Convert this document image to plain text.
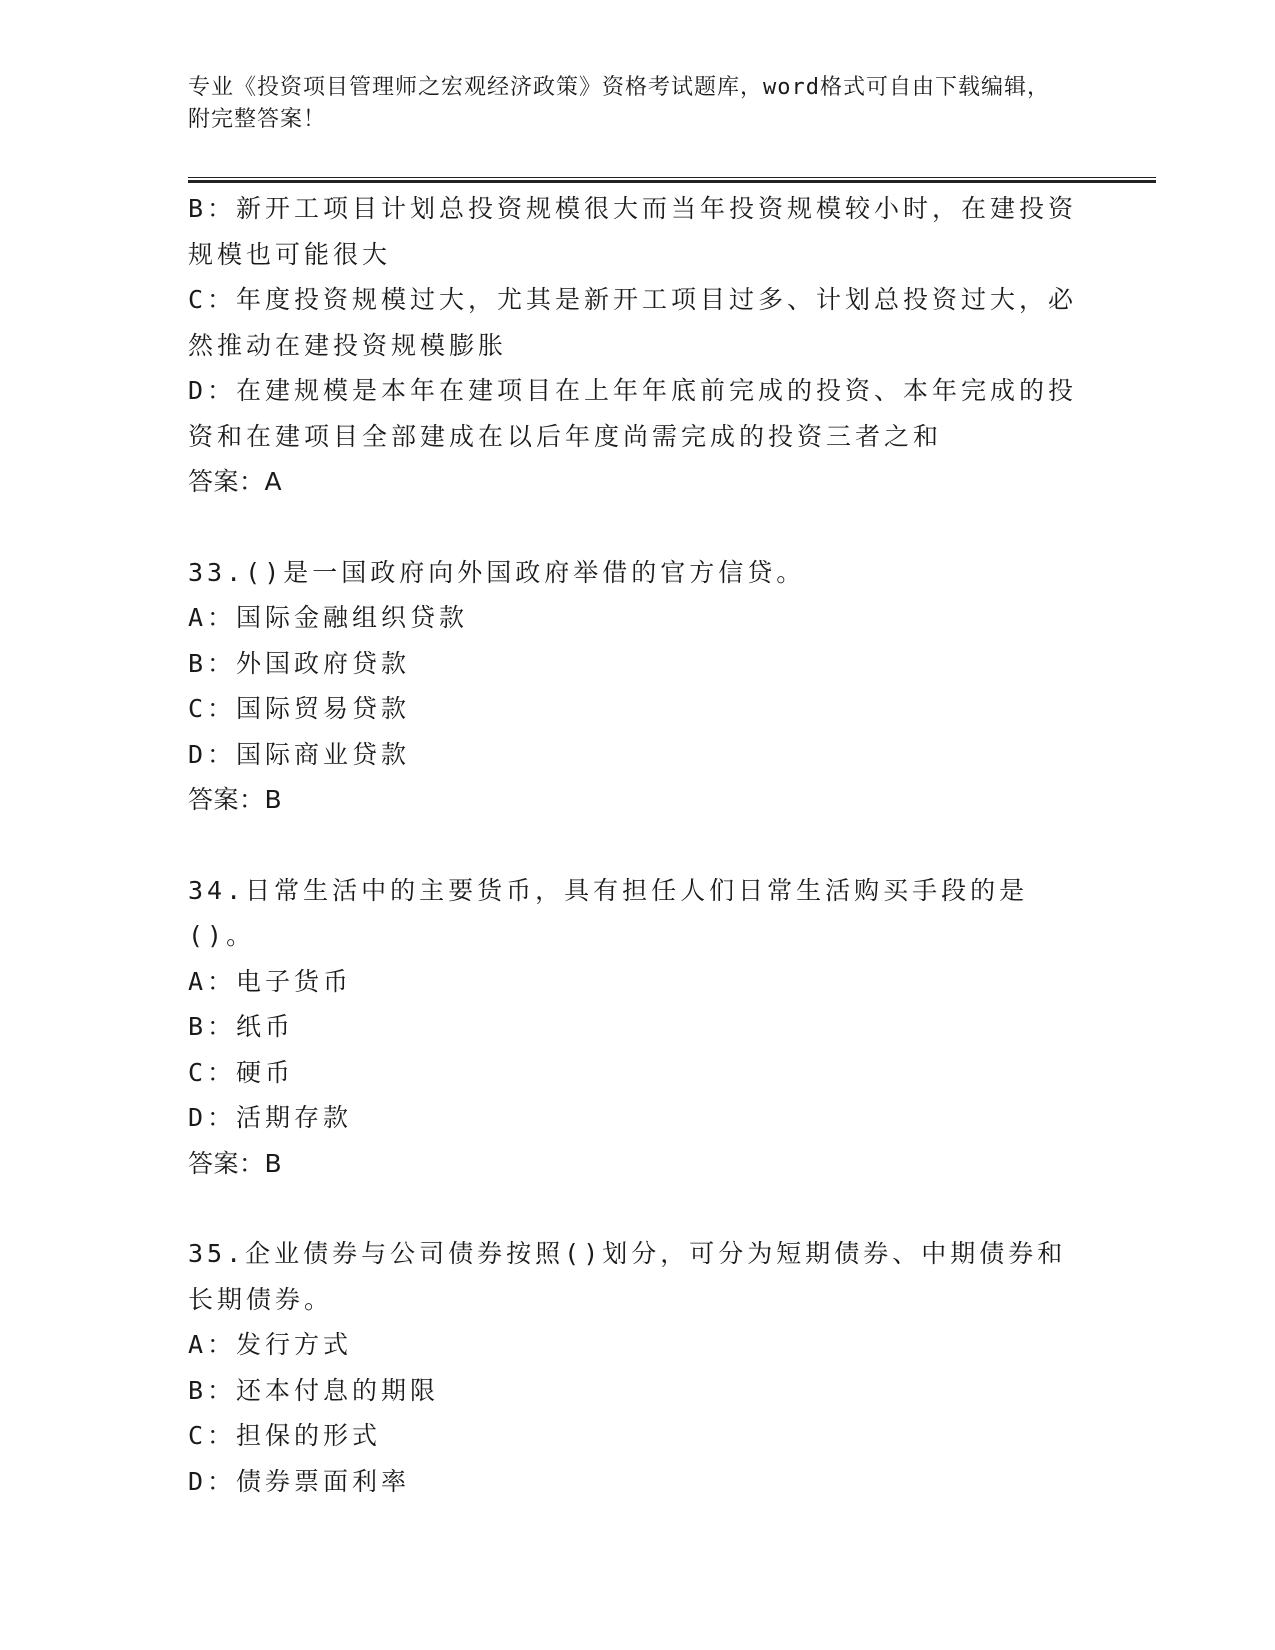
专业《投资项目管理师之宏观经济政策》资格考试题库，word格式可自由下载编辑，附完整答案！
B：新开工项目计划总投资规模很大而当年投资规模较小时，在建投资规模也可能很大
C：年度投资规模过大，尤其是新开工项目过多、计划总投资过大，必然推动在建投资规模膨胀
D：在建规模是本年在建项目在上年年底前完成的投资、本年完成的投资和在建项目全部建成在以后年度尚需完成的投资三者之和
答案：A
33.()是一国政府向外国政府举借的官方信贷。
A：国际金融组织贷款
B：外国政府贷款
C：国际贸易贷款
D：国际商业贷款
答案：B
34.日常生活中的主要货币，具有担任人们日常生活购买手段的是()。
A：电子货币
B：纸币
C：硬币
D：活期存款
答案：B
35.企业债券与公司债券按照()划分，可分为短期债券、中期债券和长期债券。
A：发行方式
B：还本付息的期限
C：担保的形式
D：债券票面利率
